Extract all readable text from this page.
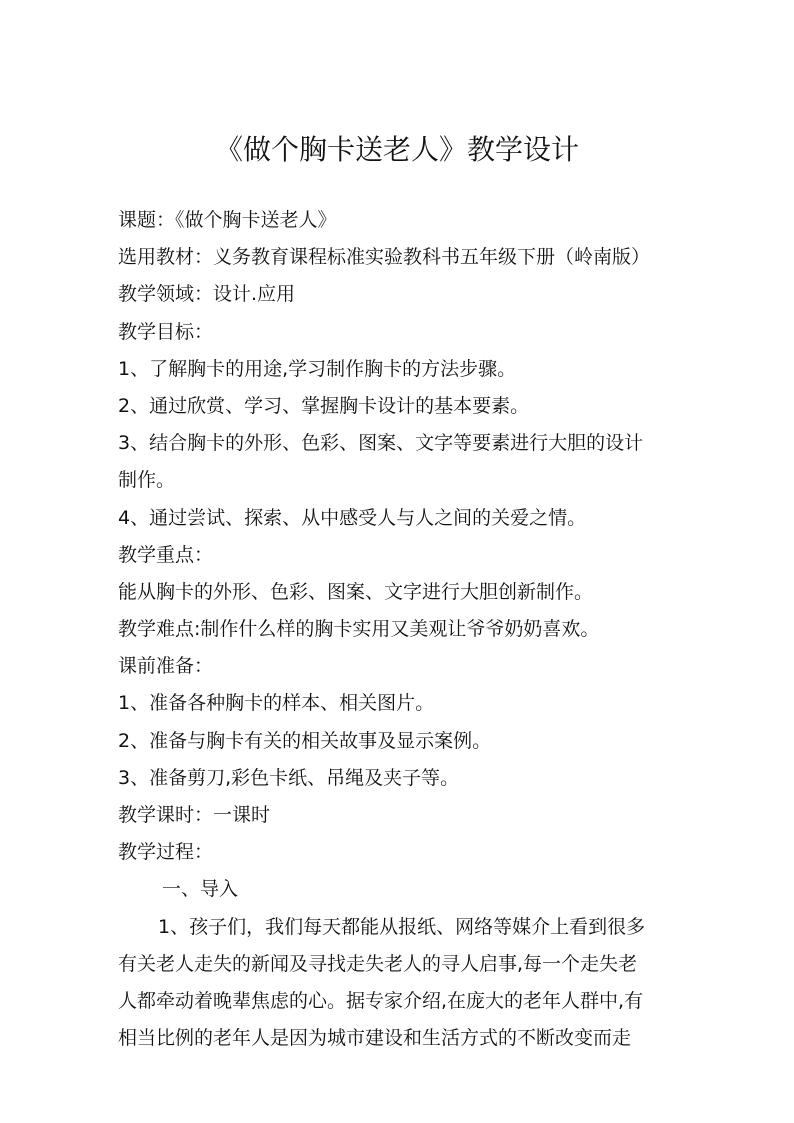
《做个胸卡送老人》教学设计
课题：《做个胸卡送老人》
选用教材：义务教育课程标准实验教科书五年级下册（岭南版）
教学领域：设计.应用
教学目标：
1、了解胸卡的用途,学习制作胸卡的方法步骤。
2、通过欣赏、学习、掌握胸卡设计的基本要素。
3、结合胸卡的外形、色彩、图案、文字等要素进行大胆的设计
制作。
4、通过尝试、探索、从中感受人与人之间的关爱之情。
教学重点：
能从胸卡的外形、色彩、图案、文字进行大胆创新制作。
教学难点:制作什么样的胸卡实用又美观让爷爷奶奶喜欢。
课前准备：
1、准备各种胸卡的样本、相关图片。
2、准备与胸卡有关的相关故事及显示案例。
3、准备剪刀,彩色卡纸、吊绳及夹子等。
教学课时：一课时
教学过程：
一、导入
1、孩子们，我们每天都能从报纸、网络等媒介上看到很多
有关老人走失的新闻及寻找走失老人的寻人启事,每一个走失老
人都牵动着晚辈焦虑的心。据专家介绍,在庞大的老年人群中,有
相当比例的老年人是因为城市建设和生活方式的不断改变而走
